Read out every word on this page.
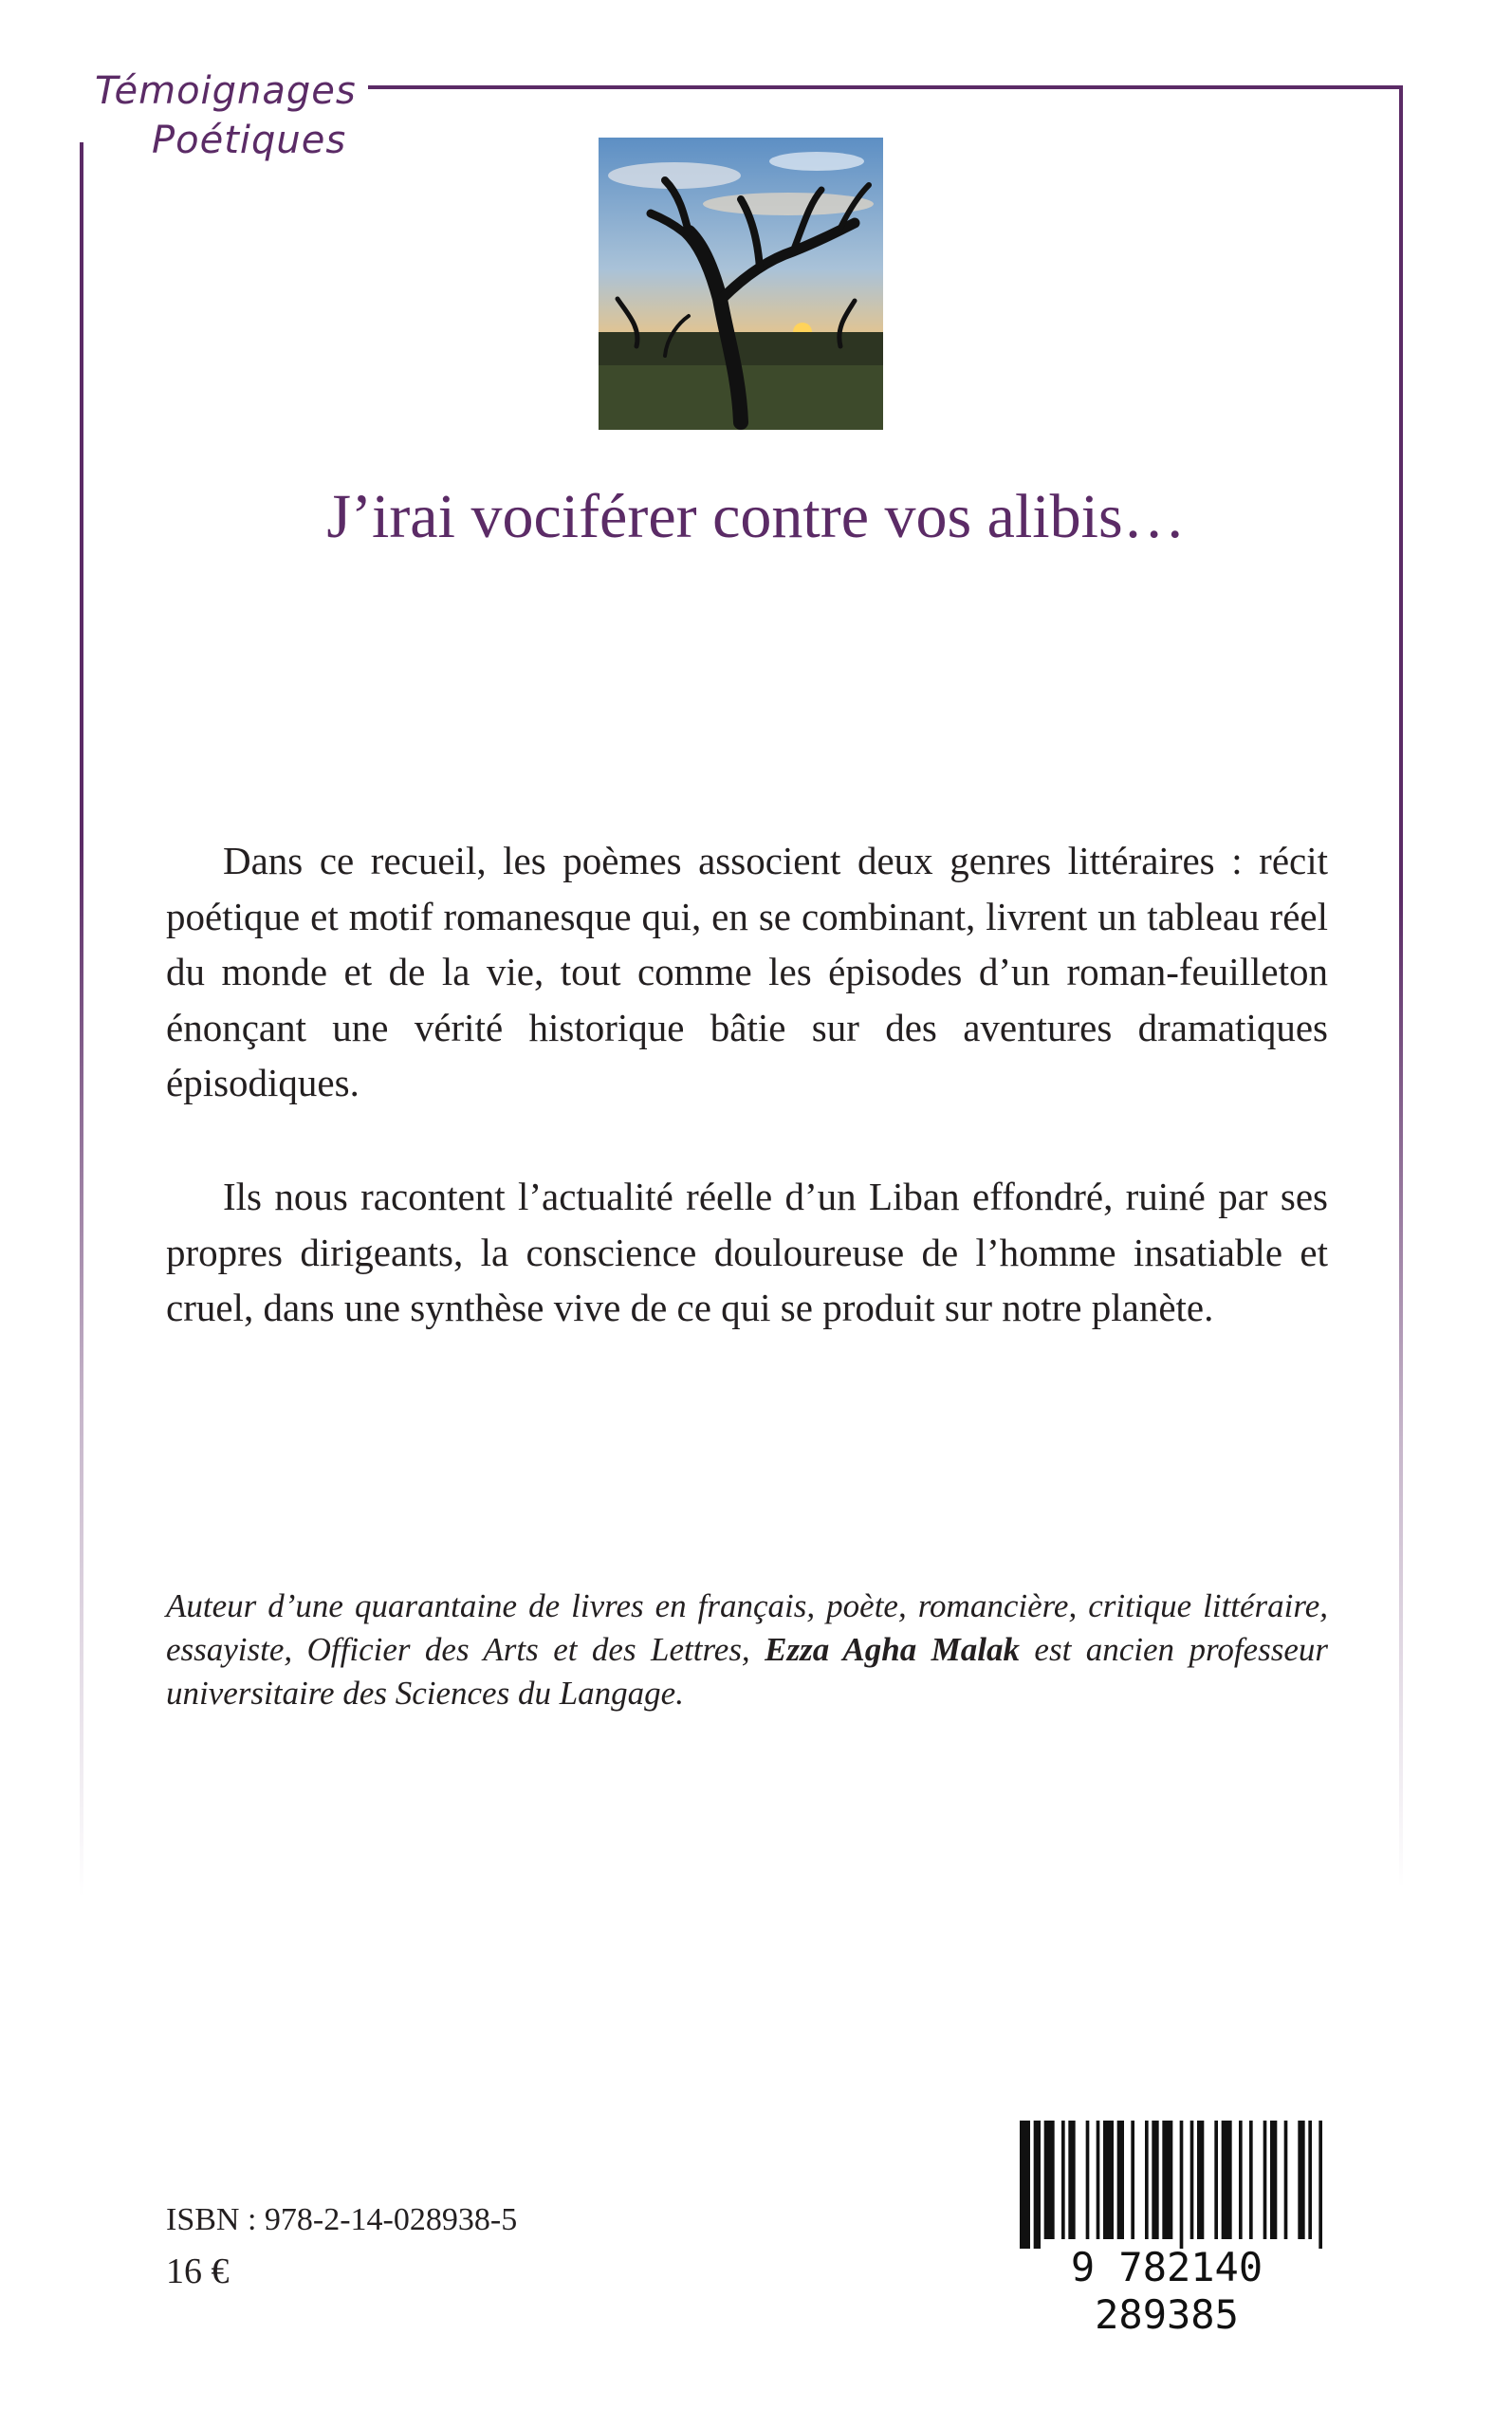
Témoignages
Poétiques
J’irai vociférer contre vos alibis…

Dans ce recueil, les poèmes associent deux genres littéraires : récit poétique et motif romanesque qui, en se combinant, livrent un tableau réel du monde et de la vie, tout comme les épisodes d’un roman-feuilleton énonçant une vérité historique bâtie sur des aventures dramatiques épisodiques.

Ils nous racontent l’actualité réelle d’un Liban effondré, ruiné par ses propres dirigeants, la conscience douloureuse de l’homme insatiable et cruel, dans une synthèse vive de ce qui se produit sur notre planète.

Auteur d’une quarantaine de livres en français, poète, romancière, critique littéraire, essayiste, Officier des Arts et des Lettres, Ezza Agha Malak est ancien professeur universitaire des Sciences du Langage.

ISBN : 978-2-14-028938-5
16 €	9 782140 289385
